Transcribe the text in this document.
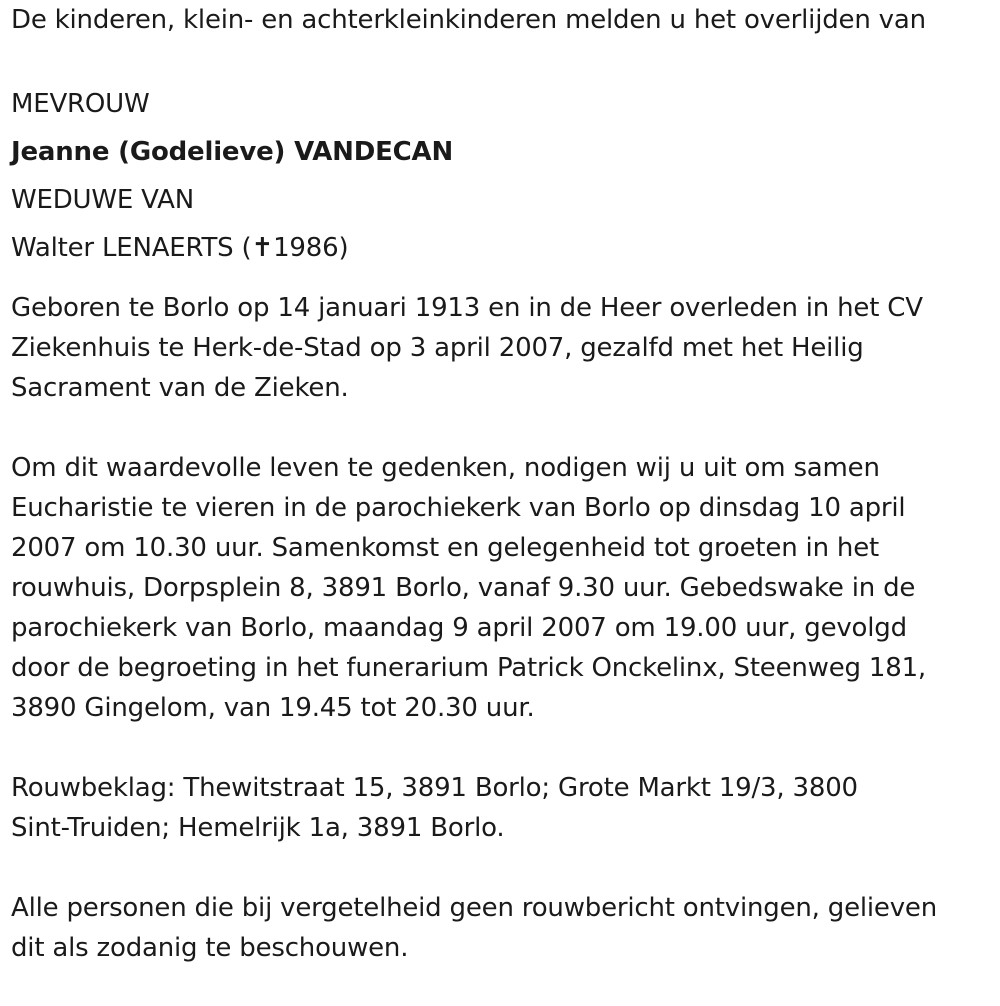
De kinderen, klein- en achterkleinkinderen melden u het overlijden van
MEVROUW
Jeanne (Godelieve) VANDECAN
WEDUWE VAN
Walter LENAERTS (✝1986)
Geboren te Borlo op 14 januari 1913 en in de Heer overleden in het CV
Ziekenhuis te Herk-de-Stad op 3 april 2007, gezalfd met het Heilig
Sacrament van de Zieken.
Om dit waardevolle leven te gedenken, nodigen wij u uit om samen
Eucharistie te vieren in de parochiekerk van Borlo op dinsdag 10 april
2007 om 10.30 uur. Samenkomst en gelegenheid tot groeten in het
rouwhuis, Dorpsplein 8, 3891 Borlo, vanaf 9.30 uur. Gebedswake in de
parochiekerk van Borlo, maandag 9 april 2007 om 19.00 uur, gevolgd
door de begroeting in het funerarium Patrick Onckelinx, Steenweg 181,
3890 Gingelom, van 19.45 tot 20.30 uur.
Rouwbeklag: Thewitstraat 15, 3891 Borlo; Grote Markt 19/3, 3800
Sint-Truiden; Hemelrijk 1a, 3891 Borlo.
Alle personen die bij vergetelheid geen rouwbericht ontvingen, gelieven
dit als zodanig te beschouwen.
